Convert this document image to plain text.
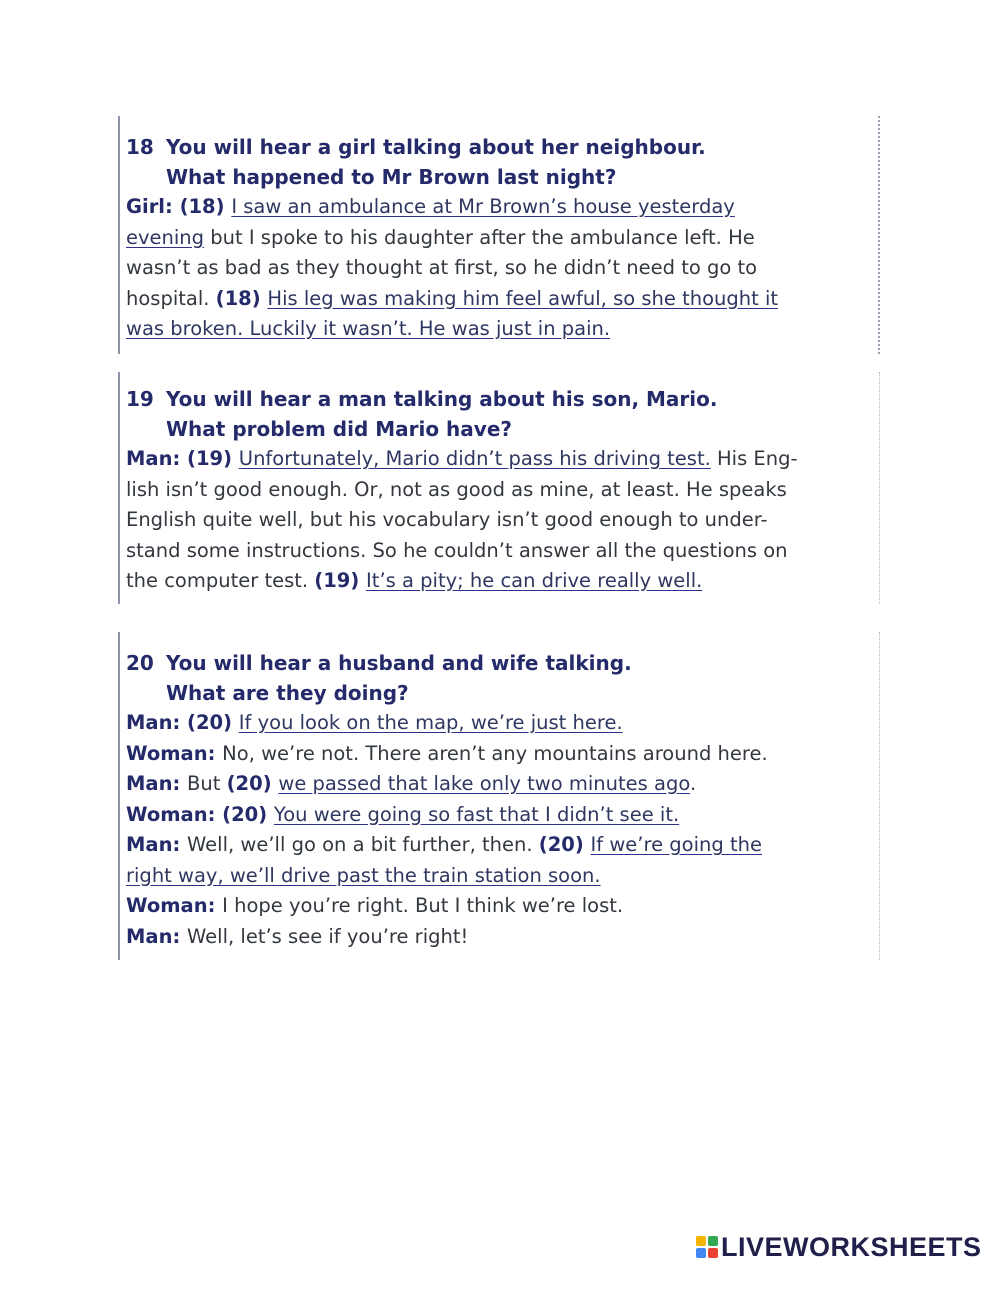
18 You will hear a girl talking about her neighbour.
What happened to Mr Brown last night?
Girl: (18) I saw an ambulance at Mr Brown’s house yesterday
evening but I spoke to his daughter after the ambulance left. He
wasn’t as bad as they thought at first, so he didn’t need to go to
hospital. (18) His leg was making him feel awful, so she thought it
was broken. Luckily it wasn’t. He was just in pain.
19 You will hear a man talking about his son, Mario.
What problem did Mario have?
Man: (19) Unfortunately, Mario didn’t pass his driving test. His Eng-
lish isn’t good enough. Or, not as good as mine, at least. He speaks
English quite well, but his vocabulary isn’t good enough to under-
stand some instructions. So he couldn’t answer all the questions on
the computer test. (19) It’s a pity; he can drive really well.
20 You will hear a husband and wife talking.
What are they doing?
Man: (20) If you look on the map, we’re just here.
Woman: No, we’re not. There aren’t any mountains around here.
Man: But (20) we passed that lake only two minutes ago.
Woman: (20) You were going so fast that I didn’t see it.
Man: Well, we’ll go on a bit further, then. (20) If we’re going the
right way, we’ll drive past the train station soon.
Woman: I hope you’re right. But I think we’re lost.
Man: Well, let’s see if you’re right!
LIVEWORKSHEETS
